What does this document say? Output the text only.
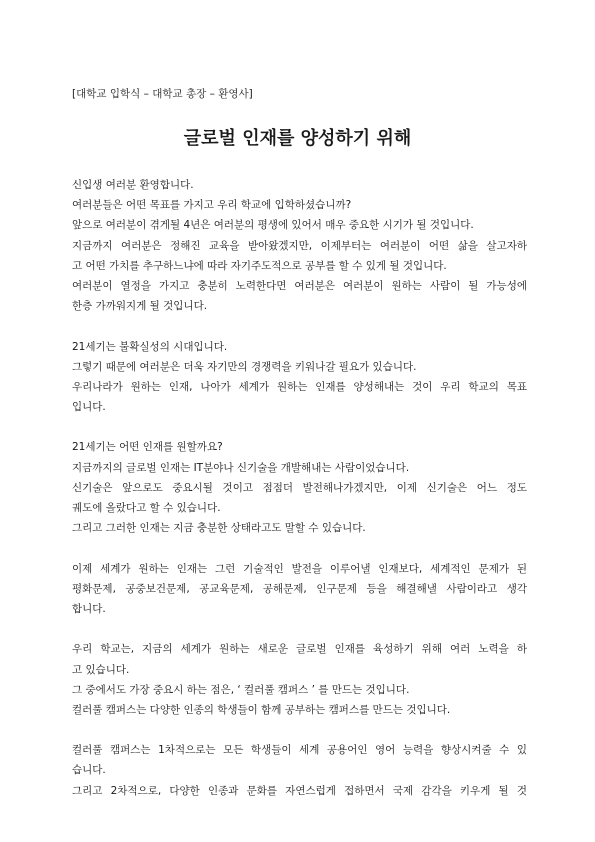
[대학교 입학식 – 대학교 총장 – 환영사]
글로벌 인재를 양성하기 위해
신입생 여러분 환영합니다.
여러분들은 어떤 목표를 가지고 우리 학교에 입학하셨습니까?
앞으로 여러분이 겪게될 4년은 여러분의 평생에 있어서 매우 중요한 시기가 될 것입니다.
지금까지 여러분은 정해진 교육을 받아왔겠지만, 이제부터는 여러분이 어떤 삶을 살고자하
고 어떤 가치를 추구하느냐에 따라 자기주도적으로 공부를 할 수 있게 될 것입니다.
여러분이 열정을 가지고 충분히 노력한다면 여러분은 여러분이 원하는 사람이 될 가능성에
한층 가까워지게 될 것입니다.
21세기는 불확실성의 시대입니다.
그렇기 때문에 여러분은 더욱 자기만의 경쟁력을 키워나갈 필요가 있습니다.
우리나라가 원하는 인재, 나아가 세계가 원하는 인재를 양성해내는 것이 우리 학교의 목표
입니다.
21세기는 어떤 인재를 원할까요?
지금까지의 글로벌 인재는 IT분야나 신기술을 개발해내는 사람이었습니다.
신기술은 앞으로도 중요시될 것이고 점점더 발전해나가겠지만, 이제 신기술은 어느 정도
궤도에 올랐다고 할 수 있습니다.
그리고 그러한 인재는 지금 충분한 상태라고도 말할 수 있습니다.
이제 세계가 원하는 인재는 그런 기술적인 발전을 이루어낼 인재보다, 세계적인 문제가 된
평화문제, 공중보건문제, 공교육문제, 공해문제, 인구문제 등을 해결해낼 사람이라고 생각
합니다.
우리 학교는, 지금의 세계가 원하는 새로운 글로벌 인재를 육성하기 위해 여러 노력을 하
고 있습니다.
그 중에서도 가장 중요시 하는 점은, ‘ 컬러풀 캠퍼스 ’ 를 만드는 것입니다.
컬러풀 캠퍼스는 다양한 인종의 학생들이 함께 공부하는 캠퍼스를 만드는 것입니다.
컬러풀 캠퍼스는 1차적으로는 모든 학생들이 세계 공용어인 영어 능력을 향상시켜줄 수 있
습니다.
그리고 2차적으로, 다양한 인종과 문화를 자연스럽게 접하면서 국제 감각을 키우게 될 것
